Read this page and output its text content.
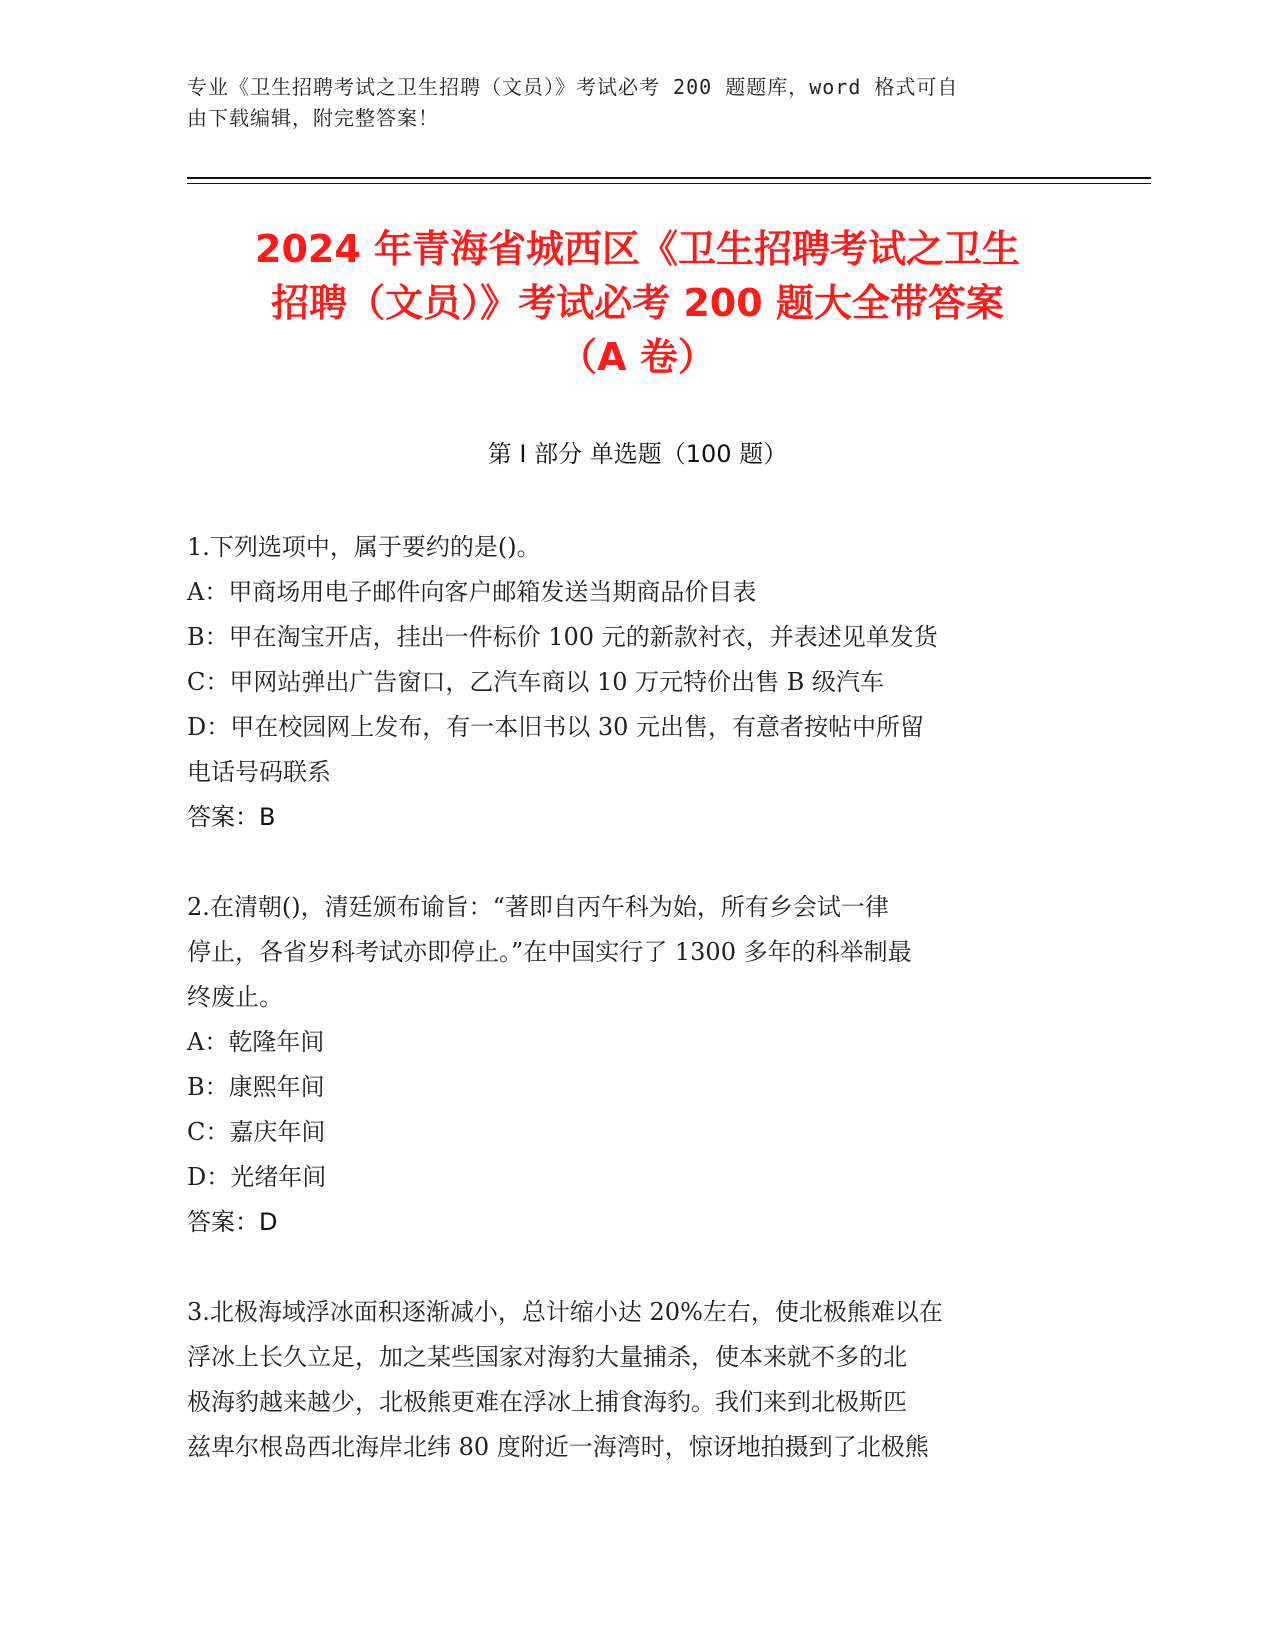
专业《卫生招聘考试之卫生招聘（文员）》考试必考 200 题题库，word 格式可自

由下载编辑，附完整答案！

2024 年青海省城西区《卫生招聘考试之卫生
招聘（文员）》考试必考 200 题大全带答案
（A 卷）
第 I 部分 单选题（100 题）
1.下列选项中，属于要约的是()。
A：甲商场用电子邮件向客户邮箱发送当期商品价目表
B：甲在淘宝开店，挂出一件标价 100 元的新款衬衣，并表述见单发货
C：甲网站弹出广告窗口，乙汽车商以 10 万元特价出售 B 级汽车
D：甲在校园网上发布，有一本旧书以 30 元出售，有意者按帖中所留
电话号码联系
答案：B
2.在清朝()，清廷颁布谕旨：“著即自丙午科为始，所有乡会试一律
停止，各省岁科考试亦即停止。”在中国实行了 1300 多年的科举制最
终废止。
A：乾隆年间
B：康熙年间
C：嘉庆年间
D：光绪年间
答案：D
3.北极海域浮冰面积逐渐减小，总计缩小达 20%左右，使北极熊难以在
浮冰上长久立足，加之某些国家对海豹大量捕杀，使本来就不多的北
极海豹越来越少，北极熊更难在浮冰上捕食海豹。我们来到北极斯匹
兹卑尔根岛西北海岸北纬 80 度附近一海湾时，惊讶地拍摄到了北极熊
